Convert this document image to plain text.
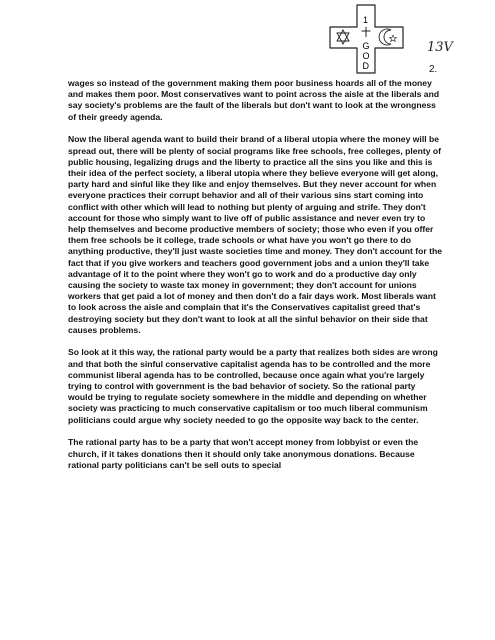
1
G
O
D
13V
2.

wages so instead of the government making them poor business hoards all of the money and makes them poor. Most conservatives want to point across the aisle at the liberals and say society's problems are the fault of the liberals but don't want to look at the wrongness of their greedy agenda.

Now the liberal agenda want to build their brand of a liberal utopia where the money will be spread out, there will be plenty of social programs like free schools, free colleges, plenty of public housing, legalizing drugs and the liberty to practice all the sins you like and this is their idea of the perfect society, a liberal utopia where they believe everyone will get along, party hard and sinful like they like and enjoy themselves. But they never account for when everyone practices their corrupt behavior and all of their various sins start coming into conflict with other which will lead to nothing but plenty of arguing and strife. They don't account for those who simply want to live off of public assistance and never even try to help themselves and become productive members of society; those who even if you offer them free schools be it college, trade schools or what have you won't go there to do anything productive, they'll just waste societies time and money. They don't account for the fact that if you give workers and teachers good government jobs and a union they'll take advantage of it to the point where they won't go to work and do a productive day only causing the society to waste tax money in government; they don't account for unions workers that get paid a lot of money and then don't do a fair days work. Most liberals want to look across the aisle and complain that it's the Conservatives capitalist greed that's destroying society but they don't want to look at all the sinful behavior on their side that causes problems.

So look at it this way, the rational party would be a party that realizes both sides are wrong and that both the sinful conservative capitalist agenda has to be controlled and the more communist liberal agenda has to be controlled, because once again what you're largely trying to control with government is the bad behavior of society. So the rational party would be trying to regulate society somewhere in the middle and depending on whether society was practicing to much conservative capitalism or too much liberal communism politicians could argue why society needed to go the opposite way back to the center.

The rational party has to be a party that won't accept money from lobbyist or even the church, if it takes donations then it should only take anonymous donations. Because rational party politicians can't be sell outs to special
